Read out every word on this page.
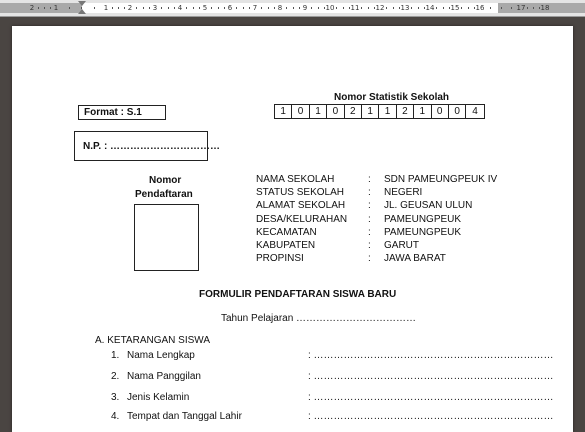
2	1	1	2	3	4	5	6	7	8	9	10 11 12 13 14 15 16	17 18
Nomor Statistik Sekolah
Format : S.1	1	0	1	0	2	1	1	2	1	0	0	4
N.P. : ……………………………
Nomor
Pendaftaran
NAMA SEKOLAH	: SDN PAMEUNGPEUK IV
STATUS SEKOLAH : NEGERI
ALAMAT SEKOLAH : JL. GEUSAN ULUN
DESA/KELURAHAN : PAMEUNGPEUK
KECAMATAN	: PAMEUNGPEUK
KABUPATEN	: GARUT
PROPINSI	: JAWA BARAT
FORMULIR PENDAFTARAN SISWA BARU
Tahun Pelajaran ………………………………
A. KETARANGAN SISWA
1. Nama Lengkap	: ………………………………………………………………
2. Nama Panggilan	: ………………………………………………………………
3. Jenis Kelamin	: ………………………………………………………………
4. Tempat dan Tanggal Lahir	: ………………………………………………………………
